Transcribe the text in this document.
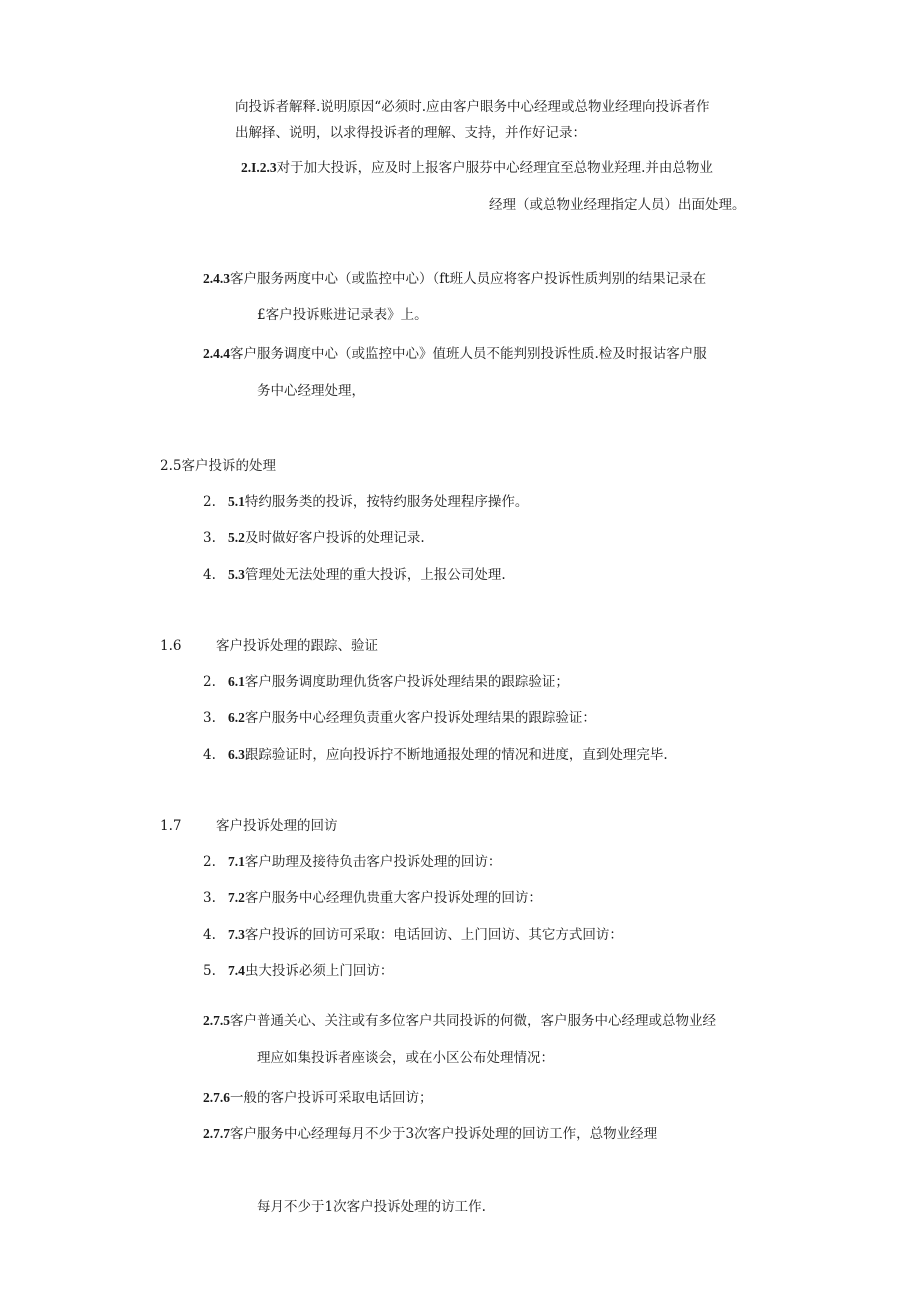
向投诉者解释.说明原因“必须时.应由客户眼务中心经理或总物业经理向投诉者作
出解择、说明，以求得投诉者的理解、支持，并作好记录：
2.I.2.3对于加大投诉，应及时上报客户服芬中心经理宜至总物业羟理.并由总物业
经理（或总物业经理指定人员）出面处理。
2.4.3客户服务两度中心（或监控中心）（ft班人员应将客户投诉性质判别的结果记录在
£客户投诉账进记录表》上。
2.4.4客户服务调度中心（或监控中心》值班人员不能判别投诉性质.检及时报诂客户服
务中心经理处理，
2.5客户投诉的处理
2. 5.1特约服务类的投诉，按特约服务处理程序操作。
3. 5.2及时做好客户投诉的处理记录.
4. 5.3管理处无法处理的重大投诉，上报公司处理.
1.6	客户投诉处理的跟踪、验证
2. 6.1客户服务调度助理仇货客户投诉处理结果的跟踪验证；
3. 6.2客户服务中心经理负责重火客户投诉处理结果的跟踪验证：
4. 6.3跟踪验证时，应向投诉拧不断地通报处理的情况和进度，直到处理完毕.
1.7	客户投诉处理的回访
2. 7.1客户助理及接待负击客户投诉处理的回访：
3. 7.2客户服务中心经理仇贵重大客户投诉处理的回访：
4. 7.3客户投诉的回访可采取：电话回访、上门回访、其它方式回访：
5. 7.4虫大投诉必须上门回访：
2.7.5客户普通关心、关注或有多位客户共同投诉的何微，客户服务中心经理或总物业经
理应如集投诉者座谈会，或在小区公布处理情况：
2.7.6一般的客户投诉可采取电话回访；
2.7.7客户服务中心经理每月不少于3次客户投诉处理的回访工作，总物业经理
每月不少于1次客户投诉处理的访工作.
